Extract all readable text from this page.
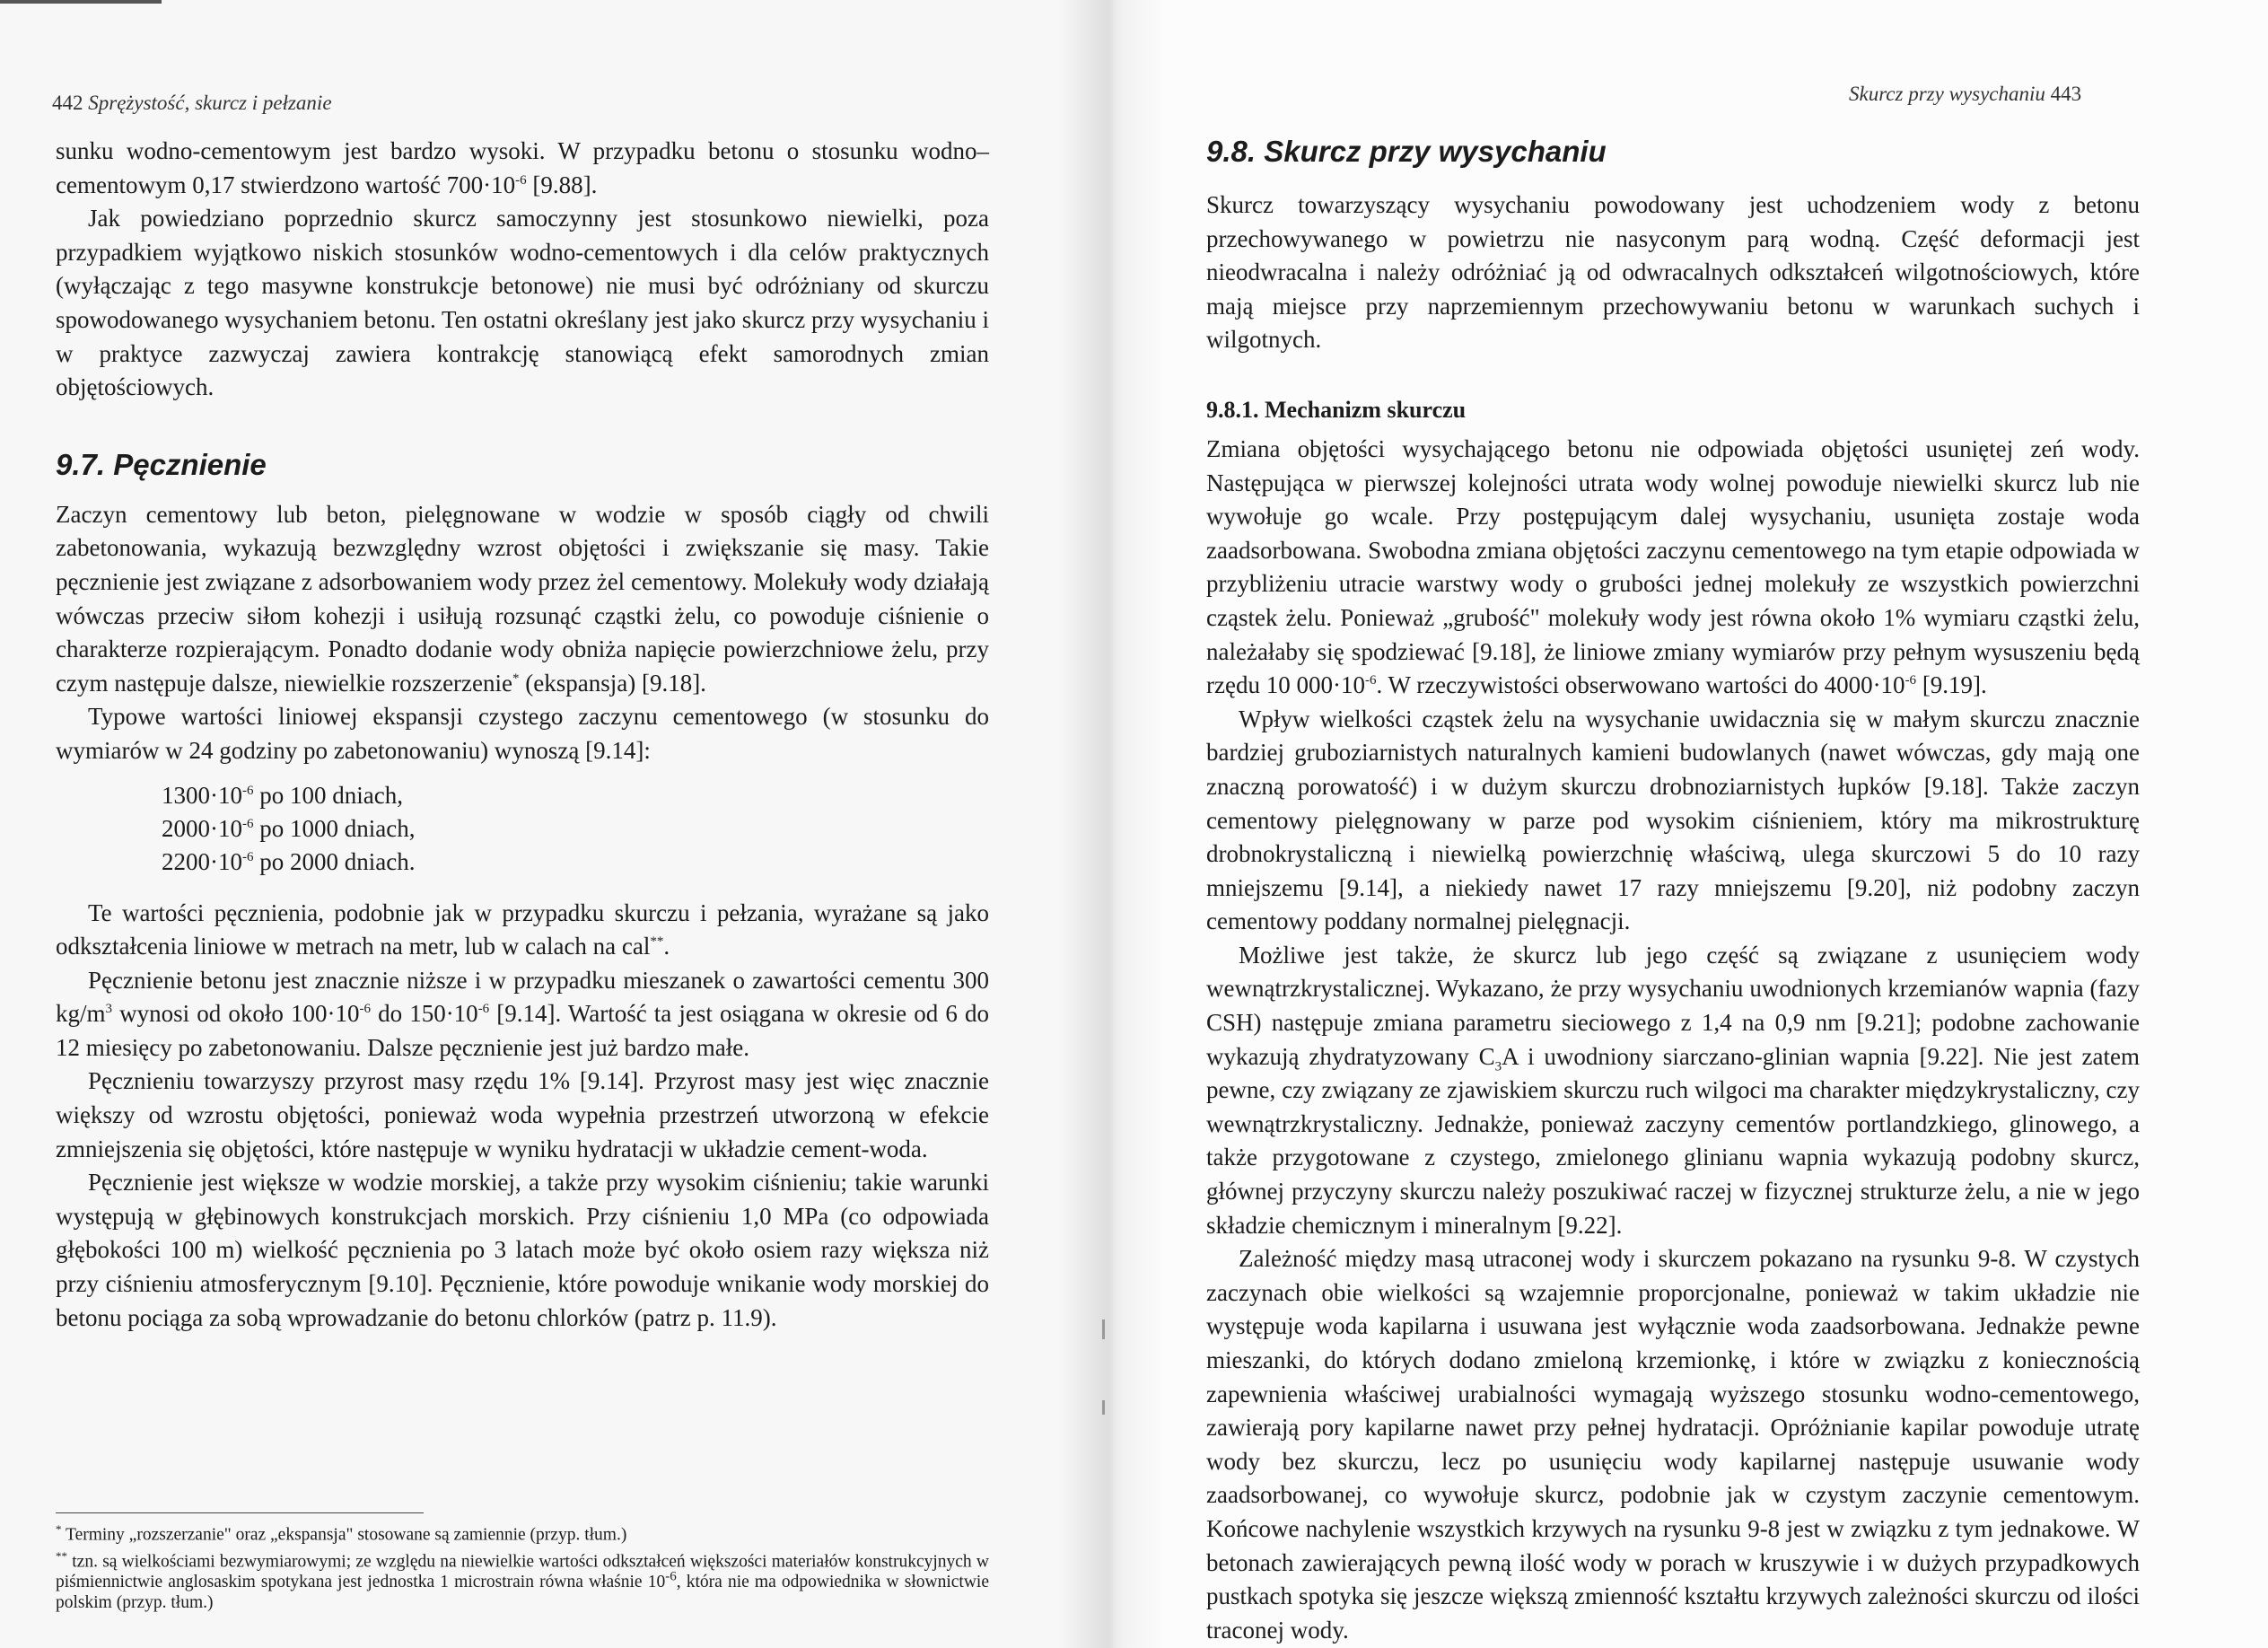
442 Sprężystość, skurcz i pełzanie

sunku wodno-cementowym jest bardzo wysoki. W przypadku betonu o stosunku wodno–cementowym 0,17 stwierdzono wartość $700\cdot 10^{-6}$ [9.88].

Jak powiedziano poprzednio skurcz samoczynny jest stosunkowo niewielki, poza przypadkiem wyjątkowo niskich stosunków wodno-cementowych i dla celów praktycznych (wyłączając z tego masywne konstrukcje betonowe) nie musi być odróżniany od skurczu spowodowanego wysychaniem betonu. Ten ostatni określany jest jako skurcz przy wysychaniu i w praktyce zazwyczaj zawiera kontrakcję stanowiącą efekt samorodnych zmian objętościowych.

9.7. Pęcznienie

Zaczyn cementowy lub beton, pielęgnowane w wodzie w sposób ciągły od chwili zabetonowania, wykazują bezwzględny wzrost objętości i zwiększanie się masy. Takie pęcznienie jest związane z adsorbowaniem wody przez żel cementowy. Molekuły wody działają wówczas przeciw siłom kohezji i usiłują rozsunąć cząstki żelu, co powoduje ciśnienie o charakterze rozpierającym. Ponadto dodanie wody obniża napięcie powierzchniowe żelu, przy czym następuje dalsze, niewielkie rozszerzenie* (ekspansja) [9.18].

Typowe wartości liniowej ekspansji czystego zaczynu cementowego (w stosunku do wymiarów w 24 godziny po zabetonowaniu) wynoszą [9.14]:

$1300\cdot 10^{-6}$ po 100 dniach,
$2000\cdot 10^{-6}$ po 1000 dniach,
$2200\cdot 10^{-6}$ po 2000 dniach.

Te wartości pęcznienia, podobnie jak w przypadku skurczu i pełzania, wyrażane są jako odkształcenia liniowe w metrach na metr, lub w calach na cal**.

Pęcznienie betonu jest znacznie niższe i w przypadku mieszanek o zawartości cementu 300 $kg/m^3$ wynosi od około $100\cdot 10^{-6}$ do $150\cdot 10^{-6}$ [9.14]. Wartość ta jest osiągana w okresie od 6 do 12 miesięcy po zabetonowaniu. Dalsze pęcznienie jest już bardzo małe.

Pęcznieniu towarzyszy przyrost masy rzędu 1% [9.14]. Przyrost masy jest więc znacznie większy od wzrostu objętości, ponieważ woda wypełnia przestrzeń utworzoną w efekcie zmniejszenia się objętości, które następuje w wyniku hydratacji w układzie cement-woda.

Pęcznienie jest większe w wodzie morskiej, a także przy wysokim ciśnieniu; takie warunki występują w głębinowych konstrukcjach morskich. Przy ciśnieniu 1,0 MPa (co odpowiada głębokości 100 m) wielkość pęcznienia po 3 latach może być około osiem razy większa niż przy ciśnieniu atmosferycznym [9.10]. Pęcznienie, które powoduje wnikanie wody morskiej do betonu pociąga za sobą wprowadzanie do betonu chlorków (patrz p. 11.9).

* Terminy „rozszerzanie" oraz „ekspansja" stosowane są zamiennie (przyp. tłum.)

** tzn. są wielkościami bezwymiarowymi; ze względu na niewielkie wartości odkształceń większości materiałów konstrukcyjnych w piśmiennictwie anglosaskim spotykana jest jednostka 1 microstrain równa właśnie $10^{-6}$, która nie ma odpowiednika w słownictwie polskim (przyp. tłum.)

Skurcz przy wysychaniu 443
9.8. Skurcz przy wysychaniu

Skurcz towarzyszący wysychaniu powodowany jest uchodzeniem wody z betonu przechowywanego w powietrzu nie nasyconym parą wodną. Część deformacji jest nieodwracalna i należy odróżniać ją od odwracalnych odkształceń wilgotnościowych, które mają miejsce przy naprzemiennym przechowywaniu betonu w warunkach suchych i wilgotnych.

9.8.1. Mechanizm skurczu

Zmiana objętości wysychającego betonu nie odpowiada objętości usuniętej zeń wody. Następująca w pierwszej kolejności utrata wody wolnej powoduje niewielki skurcz lub nie wywołuje go wcale. Przy postępującym dalej wysychaniu, usunięta zostaje woda zaadsorbowana. Swobodna zmiana objętości zaczynu cementowego na tym etapie odpowiada w przybliżeniu utracie warstwy wody o grubości jednej molekuły ze wszystkich powierzchni cząstek żelu. Ponieważ „grubość" molekuły wody jest równa około 1% wymiaru cząstki żelu, należałaby się spodziewać [9.18], że liniowe zmiany wymiarów przy pełnym wysuszeniu będą rzędu 10 $000\cdot 10^{-6}$. W rzeczywistości obserwowano wartości do $4000\cdot 10^{-6}$ [9.19].

Wpływ wielkości cząstek żelu na wysychanie uwidacznia się w małym skurczu znacznie bardziej gruboziarnistych naturalnych kamieni budowlanych (nawet wówczas, gdy mają one znaczną porowatość) i w dużym skurczu drobnoziarnistych łupków [9.18]. Także zaczyn cementowy pielęgnowany w parze pod wysokim ciśnieniem, który ma mikrostrukturę drobnokrystaliczną i niewielką powierzchnię właściwą, ulega skurczowi 5 do 10 razy mniejszemu [9.14], a niekiedy nawet 17 razy mniejszemu [9.20], niż podobny zaczyn cementowy poddany normalnej pielęgnacji.

Możliwe jest także, że skurcz lub jego część są związane z usunięciem wody wewnątrzkrystalicznej. Wykazano, że przy wysychaniu uwodnionych krzemianów wapnia (fazy CSH) następuje zmiana parametru sieciowego z 1,4 na 0,9 nm [9.21]; podobne zachowanie wykazują zhydratyzowany $C_3A$ i uwodniony siarczano-glinian wapnia [9.22]. Nie jest zatem pewne, czy związany ze zjawiskiem skurczu ruch wilgoci ma charakter międzykrystaliczny, czy wewnątrzkrystaliczny. Jednakże, ponieważ zaczyny cementów portlandzkiego, glinowego, a także przygotowane z czystego, zmielonego glinianu wapnia wykazują podobny skurcz, głównej przyczyny skurczu należy poszukiwać raczej w fizycznej strukturze żelu, a nie w jego składzie chemicznym i mineralnym [9.22].

Zależność między masą utraconej wody i skurczem pokazano na rysunku 9-8. W czystych zaczynach obie wielkości są wzajemnie proporcjonalne, ponieważ w takim układzie nie występuje woda kapilarna i usuwana jest wyłącznie woda zaadsorbowana. Jednakże pewne mieszanki, do których dodano zmieloną krzemionkę, i które w związku z koniecznością zapewnienia właściwej urabialności wymagają wyższego stosunku wodno-cementowego, zawierają pory kapilarne nawet przy pełnej hydratacji. Opróżnianie kapilar powoduje utratę wody bez skurczu, lecz po usunięciu wody kapilarnej następuje usuwanie wody zaadsorbowanej, co wywołuje skurcz, podobnie jak w czystym zaczynie cementowym. Końcowe nachylenie wszystkich krzywych na rysunku 9-8 jest w związku z tym jednakowe. W betonach zawierających pewną ilość wody w porach w kruszywie i w dużych przypadkowych pustkach spotyka się jeszcze większą zmienność kształtu krzywych zależności skurczu od ilości traconej wody.
